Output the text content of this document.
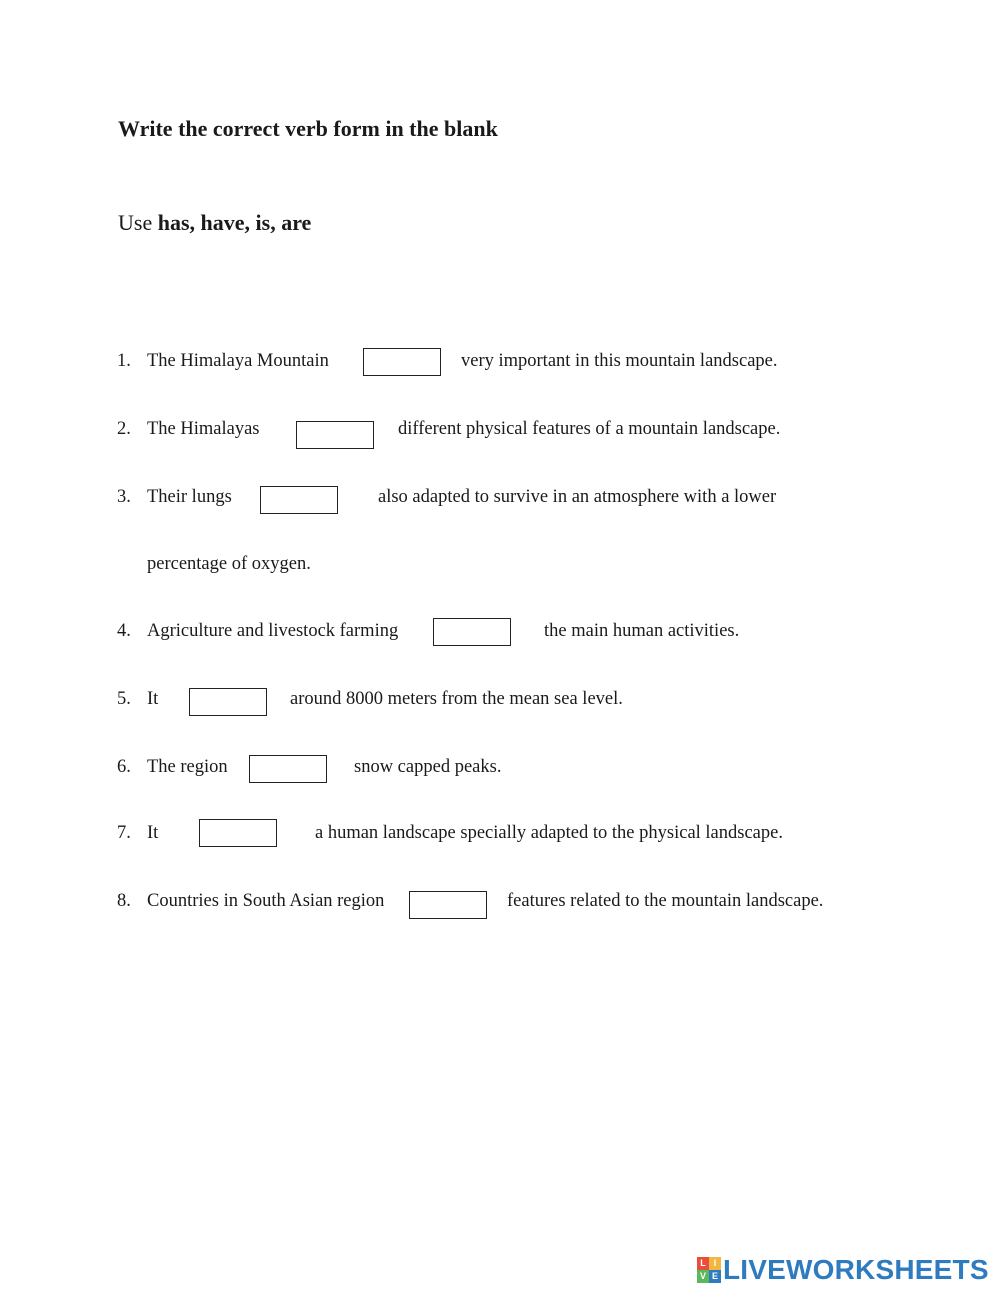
Write the correct verb form in the blank
Use has, have, is, are
1. The Himalaya Mountain	very important in this mountain landscape.
2. The Himalayas	different physical features of a mountain landscape.
3. Their lungs	also adapted to survive in an atmosphere with a lower
percentage of oxygen.
4. Agriculture and livestock farming	the main human activities.
5. It	around 8000 meters from the mean sea level.
6. The region	snow capped peaks.
7. It	a human landscape specially adapted to the physical landscape.
8. Countries in South Asian region	features related to the mountain landscape.
L I
V E LIVEWORKSHEETS
